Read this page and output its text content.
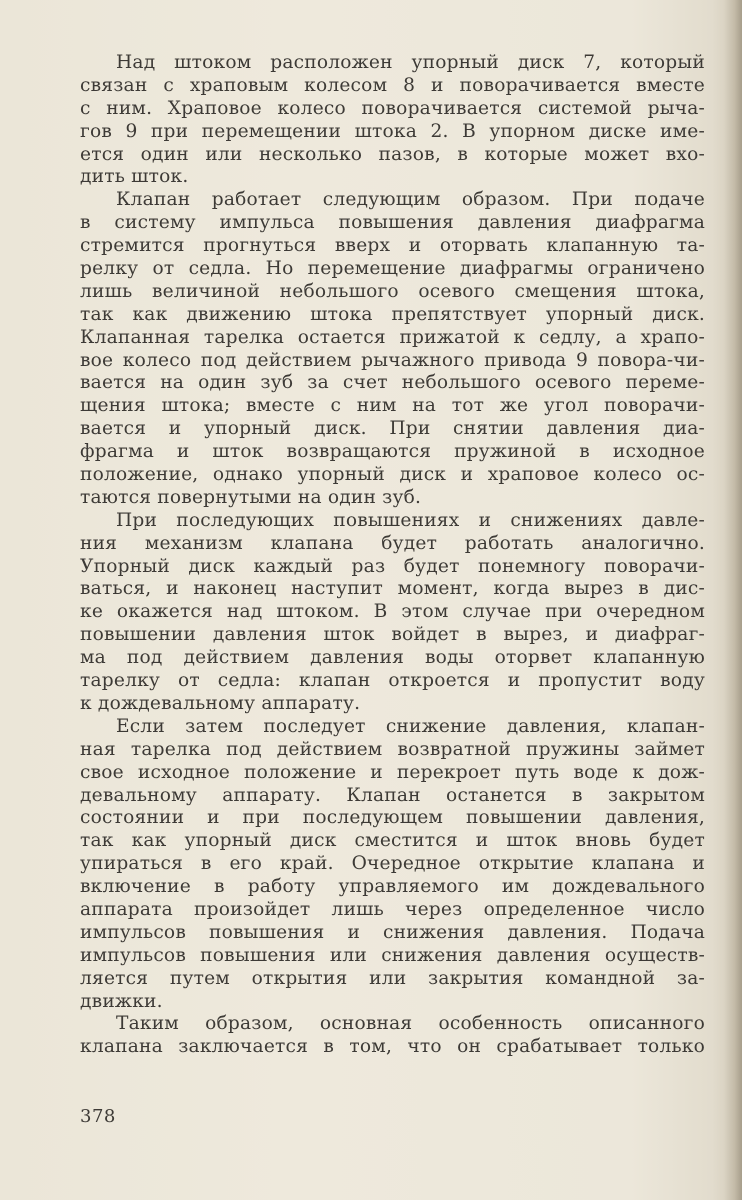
Над штоком расположен упорный диск 7, который
связан с храповым колесом 8 и поворачивается вместе
с ним. Храповое колесо поворачивается системой рыча-
гов 9 при перемещении штока 2. В упорном диске име-
ется один или несколько пазов, в которые может вхо-
дить шток.
Клапан работает следующим образом. При подаче
в систему импульса повышения давления диафрагма
стремится прогнуться вверх и оторвать клапанную та-
релку от седла. Но перемещение диафрагмы ограничено
лишь величиной небольшого осевого смещения штока,
так как движению штока препятствует упорный диск.
Клапанная тарелка остается прижатой к седлу, а храпо-
вое колесо под действием рычажного привода 9 повора-чи-
вается на один зуб за счет небольшого осевого переме-
щения штока; вместе с ним на тот же угол поворачи-
вается и упорный диск. При снятии давления диа-
фрагма и шток возвращаются пружиной в исходное
положение, однако упорный диск и храповое колесо ос-
таются повернутыми на один зуб.
При последующих повышениях и снижениях давле-
ния механизм клапана будет работать аналогично.
Упорный диск каждый раз будет понемногу поворачи-
ваться, и наконец наступит момент, когда вырез в дис-
ке окажется над штоком. В этом случае при очередном
повышении давления шток войдет в вырез, и диафраг-
ма под действием давления воды оторвет клапанную
тарелку от седла: клапан откроется и пропустит воду
к дождевальному аппарату.
Если затем последует снижение давления, клапан-
ная тарелка под действием возвратной пружины займет
свое исходное положение и перекроет путь воде к дож-
девальному аппарату. Клапан останется в закрытом
состоянии и при последующем повышении давления,
так как упорный диск сместится и шток вновь будет
упираться в его край. Очередное открытие клапана и
включение в работу управляемого им дождевального
аппарата произойдет лишь через определенное число
импульсов повышения и снижения давления. Подача
импульсов повышения или снижения давления осуществ-
ляется путем открытия или закрытия командной за-
движки.
Таким образом, основная особенность описанного
клапана заключается в том, что он срабатывает только
378
